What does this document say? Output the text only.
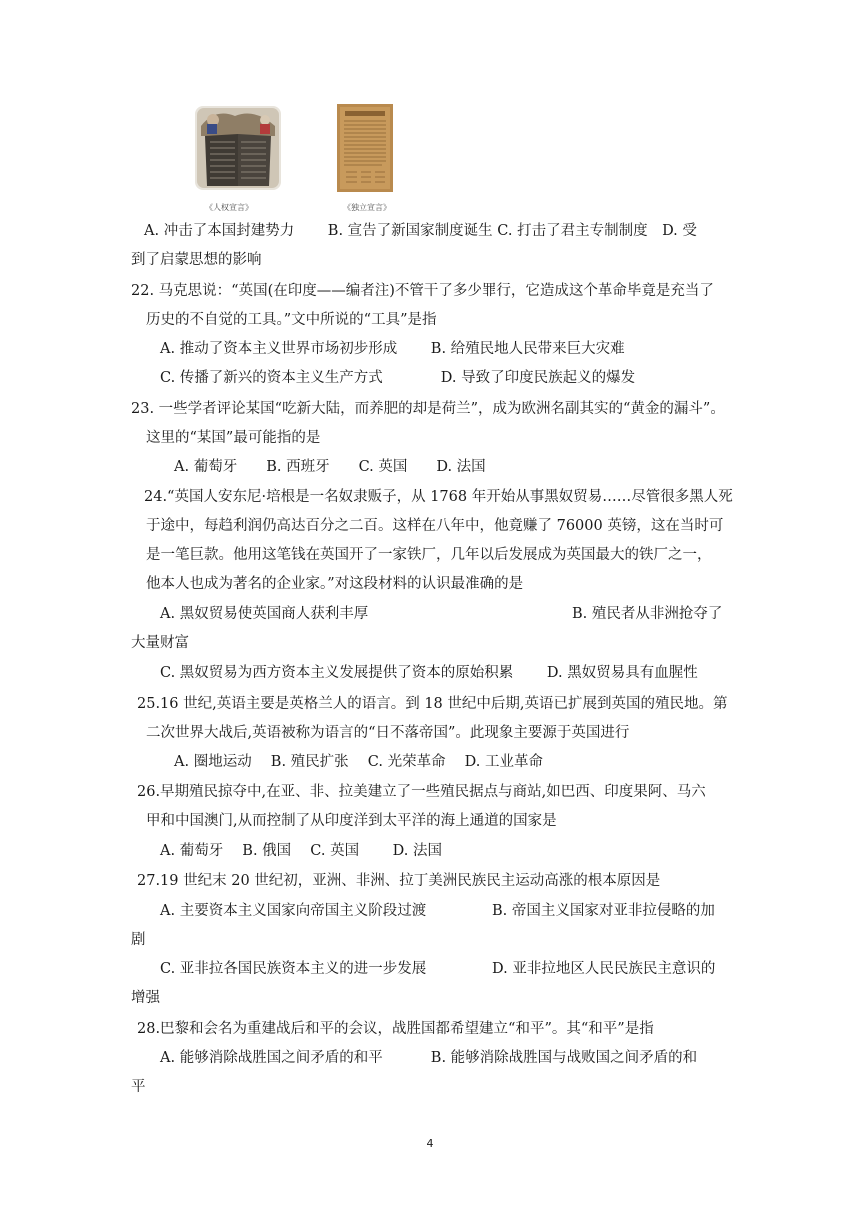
《人权宣言》	《独立宣言》
A. 冲击了本国封建势力　　 B. 宣告了新国家制度诞生 C. 打击了君主专制制度　D. 受
到了启蒙思想的影响
22. 马克思说：“英国(在印度——编者注)不管干了多少罪行，它造成这个革命毕竟是充当了
历史的不自觉的工具。”文中所说的“工具”是指
A. 推动了资本主义世界市场初步形成　　 B. 给殖民地人民带来巨大灾难
C. 传播了新兴的资本主义生产方式　　　　D. 导致了印度民族起义的爆发
23. 一些学者评论某国“吃新大陆，而养肥的却是荷兰”，成为欧洲名副其实的“黄金的漏斗”。
这里的“某国”最可能指的是
A. 葡萄牙　　B. 西班牙　　C. 英国　　D. 法国
24.“英国人安东尼·培根是一名奴隶贩子，从 1768 年开始从事黑奴贸易……尽管很多黑人死
于途中，每趋利润仍高达百分之二百。这样在八年中，他竟赚了 76000 英镑，这在当时可
是一笔巨款。他用这笔钱在英国开了一家铁厂，几年以后发展成为英国最大的铁厂之一，
他本人也成为著名的企业家。”对这段材料的认识最准确的是
A. 黑奴贸易使英国商人获利丰厚	B. 殖民者从非洲抢夺了
大量财富
C. 黑奴贸易为西方资本主义发展提供了资本的原始积累　　 D. 黑奴贸易具有血腥性
25.16 世纪,英语主要是英格兰人的语言。到 18 世纪中后期,英语已扩展到英国的殖民地。第
二次世界大战后,英语被称为语言的“日不落帝国”。此现象主要源于英国进行
A. 圈地运动　 B. 殖民扩张　 C. 光荣革命　 D. 工业革命
26.早期殖民掠夺中,在亚、非、拉美建立了一些殖民据点与商站,如巴西、印度果阿、马六
甲和中国澳门,从而控制了从印度洋到太平洋的海上通道的国家是
A. 葡萄牙　 B. 俄国　 C. 英国　　 D. 法国
27.19 世纪末 20 世纪初，亚洲、非洲、拉丁美洲民族民主运动高涨的根本原因是
A. 主要资本主义国家向帝国主义阶段过渡	B. 帝国主义国家对亚非拉侵略的加
剧
C. 亚非拉各国民族资本主义的进一步发展	D. 亚非拉地区人民民族民主意识的
增强
28.巴黎和会名为重建战后和平的会议，战胜国都希望建立“和平”。其“和平”是指
A. 能够消除战胜国之间矛盾的和平　　　 B. 能够消除战胜国与战败国之间矛盾的和
平
4
